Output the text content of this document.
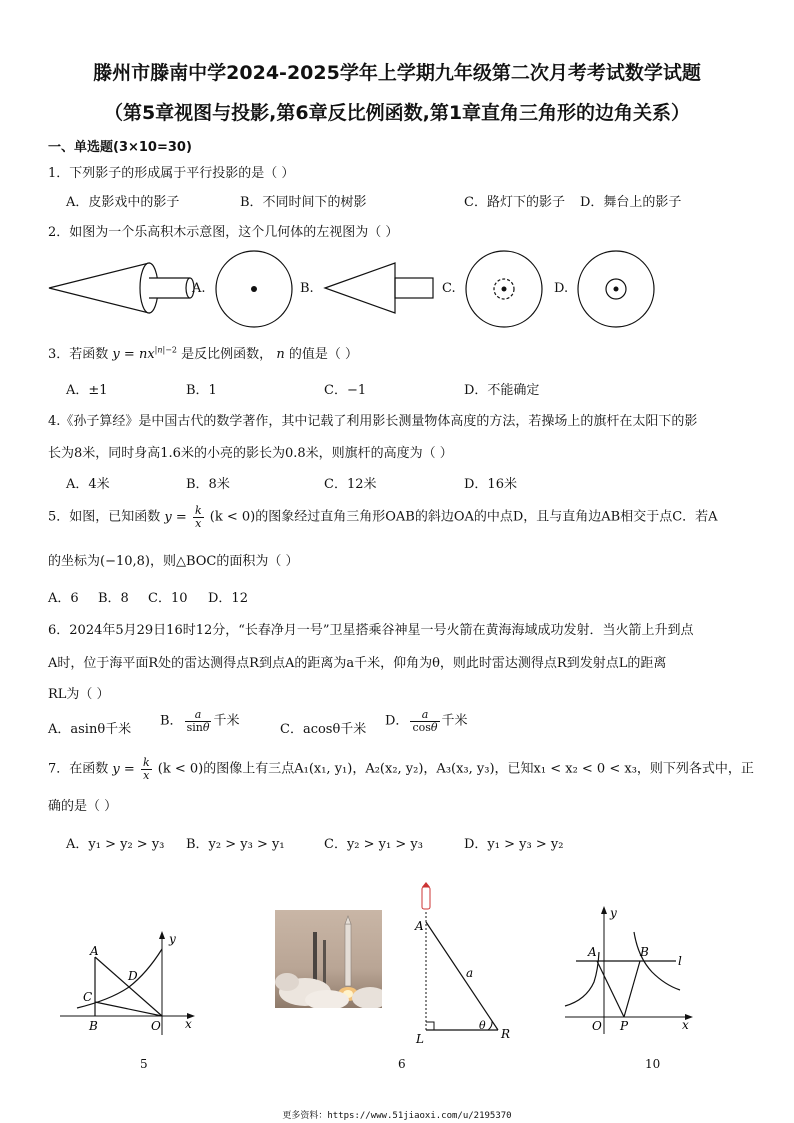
滕州市滕南中学2024-2025学年上学期九年级第二次月考考试数学试题
（第5章视图与投影,第6章反比例函数,第1章直角三角形的边角关系）
一、单选题(3×10=30)
1．下列影子的形成属于平行投影的是（ ）
A．皮影戏中的影子	B．不同时间下的树影	C．路灯下的影子 D．舞台上的影子
2．如图为一个乐高积木示意图，这个几何体的左视图为（ ）
A.	B.	C.	D.
3．若函数 $y = nx^{|n|-2}$ 是反比例函数， n 的值是（ ）
A．±1	B．1	C．−1	D．不能确定
4.《孙子算经》是中国古代的数学著作，其中记载了利用影长测量物体高度的方法，若操场上的旗杆在太阳下的影
长为8米，同时身高1.6米的小亮的影长为0.8米，则旗杆的高度为（ ）
A．4米	B．8米	C．12米	D．16米
5．如图，已知函数 $y = \frac{k}{x} (k < 0)$的图象经过直角三角形OAB的斜边OA的中点D，且与直角边AB相交于点C．若A
的坐标为(−10,8)，则△BOC的面积为（ ）
A．6 B．8 C．10 D．12
6．2024年5月29日16时12分，“长春净月一号”卫星搭乘谷神星一号火箭在黄海海域成功发射．当火箭上升到点
A时，位于海平面R处的雷达测得点R到点A的距离为a千米，仰角为θ，则此时雷达测得点R到发射点L的距离
RL为（ ）
A．asinθ千米
B． $\frac{a}{\sin\theta}$ 千米
C．acosθ千米
D． $\frac{a}{\cos\theta}$ 千米
7．在函数 $y = \frac{k}{x} (k < 0)$的图像上有三点A₁(x₁, y₁)，A₂(x₂, y₂)，A₃(x₃, y₃)，已知x₁ < x₂ < 0 < x₃，则下列各式中，正
确的是（ ）
A．y₁ > y₂ > y₃ B．y₂ > y₃ > y₁	C．y₂ > y₁ > y₃	D．y₁ > y₃ > y₂
A
D
C
B	O x
y
5
A
a
L	R
θ
6
y
A	B
l
O P	x
10
更多资料：https://www.51jiaoxi.com/u/2195370
